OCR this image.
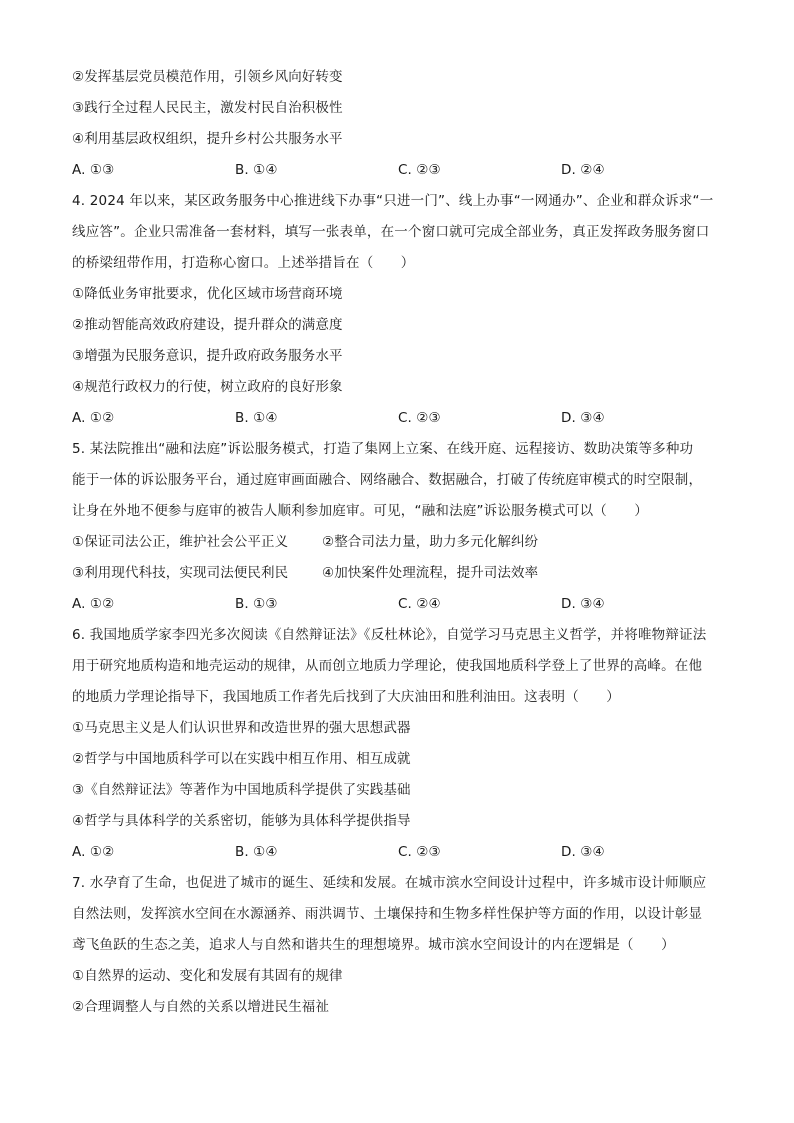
②发挥基层党员模范作用，引领乡风向好转变
③践行全过程人民民主，激发村民自治积极性
④利用基层政权组织，提升乡村公共服务水平
A. ①③	B. ①④	C. ②③	D. ②④
4. 2024 年以来，某区政务服务中心推进线下办事“只进一门”、线上办事“一网通办”、企业和群众诉求“一
线应答”。企业只需准备一套材料，填写一张表单，在一个窗口就可完成全部业务，真正发挥政务服务窗口
的桥梁纽带作用，打造称心窗口。上述举措旨在（　　）
①降低业务审批要求，优化区域市场营商环境
②推动智能高效政府建设，提升群众的满意度
③增强为民服务意识，提升政府政务服务水平
④规范行政权力的行使，树立政府的良好形象
A. ①②	B. ①④	C. ②③	D. ③④
5. 某法院推出“融和法庭”诉讼服务模式，打造了集网上立案、在线开庭、远程接访、数助决策等多种功
能于一体的诉讼服务平台，通过庭审画面融合、网络融合、数据融合，打破了传统庭审模式的时空限制，
让身在外地不便参与庭审的被告人顺利参加庭审。可见，“融和法庭”诉讼服务模式可以（　　）
①保证司法公正，维护社会公平正义	②整合司法力量，助力多元化解纠纷
③利用现代科技，实现司法便民利民	④加快案件处理流程，提升司法效率
A. ①②	B. ①③	C. ②④	D. ③④
6. 我国地质学家李四光多次阅读《自然辩证法》《反杜林论》，自觉学习马克思主义哲学，并将唯物辩证法
用于研究地质构造和地壳运动的规律，从而创立地质力学理论，使我国地质科学登上了世界的高峰。在他
的地质力学理论指导下，我国地质工作者先后找到了大庆油田和胜利油田。这表明（　　）
①马克思主义是人们认识世界和改造世界的强大思想武器
②哲学与中国地质科学可以在实践中相互作用、相互成就
③《自然辩证法》等著作为中国地质科学提供了实践基础
④哲学与具体科学的关系密切，能够为具体科学提供指导
A. ①②	B. ①④	C. ②③	D. ③④
7. 水孕育了生命，也促进了城市的诞生、延续和发展。在城市滨水空间设计过程中，许多城市设计师顺应
自然法则，发挥滨水空间在水源涵养、雨洪调节、土壤保持和生物多样性保护等方面的作用，以设计彰显
鸢飞鱼跃的生态之美，追求人与自然和谐共生的理想境界。城市滨水空间设计的内在逻辑是（　　）
①自然界的运动、变化和发展有其固有的规律
②合理调整人与自然的关系以增进民生福祉
